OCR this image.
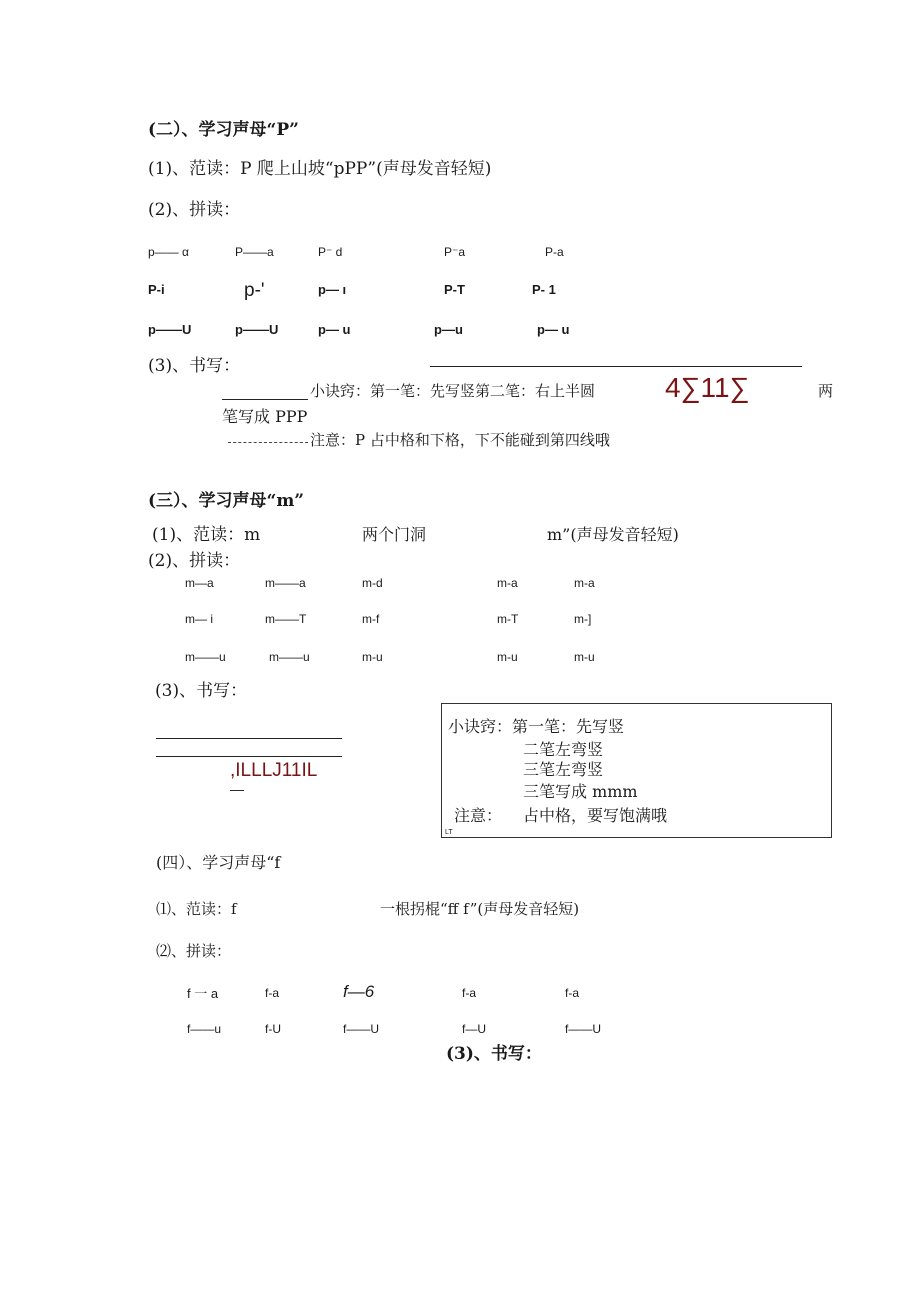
(二）、学习声母“P”
(1)、范读：P 爬上山坡“pPP”(声母发音轻短)
(2)、拼读：
p—— α	P——a	P⁻ d	P⁻a	P-a
P-i	p-'	p— ı	P-T	P- 1
p——U	p——U	p— u	p—u	p— u
(3)、书写：
小诀窍：第一笔：先写竖第二笔：右上半圆 4∑11∑	两
笔写成 PPP
注意：P 占中格和下格，下不能碰到第四线哦
(三）、学习声母“m”
(1)、范读：m	两个门洞	m”(声母发音轻短)
(2)、拼读：
m—a	m——a	m-d	m-a	m-a
m— i	m——T	m-f	m-T	m-]
m——u	m——u	m-u	m-u	m-u
(3)、书写：
,ILLLJ11IL
—
小诀窍：第一笔：先写竖
二笔左弯竖
三笔左弯竖
三笔写成 mmm
注意： 占中格，要写饱满哦
LT
(四）、学习声母“f
⑴、范读：f	一根拐棍“ff f”(声母发音轻短)
⑵、拼读：
f 一 a	f-a	f—6	f-a	f-a
f——u	f-U	f——U	f—U	f——U
(3)、书写：
